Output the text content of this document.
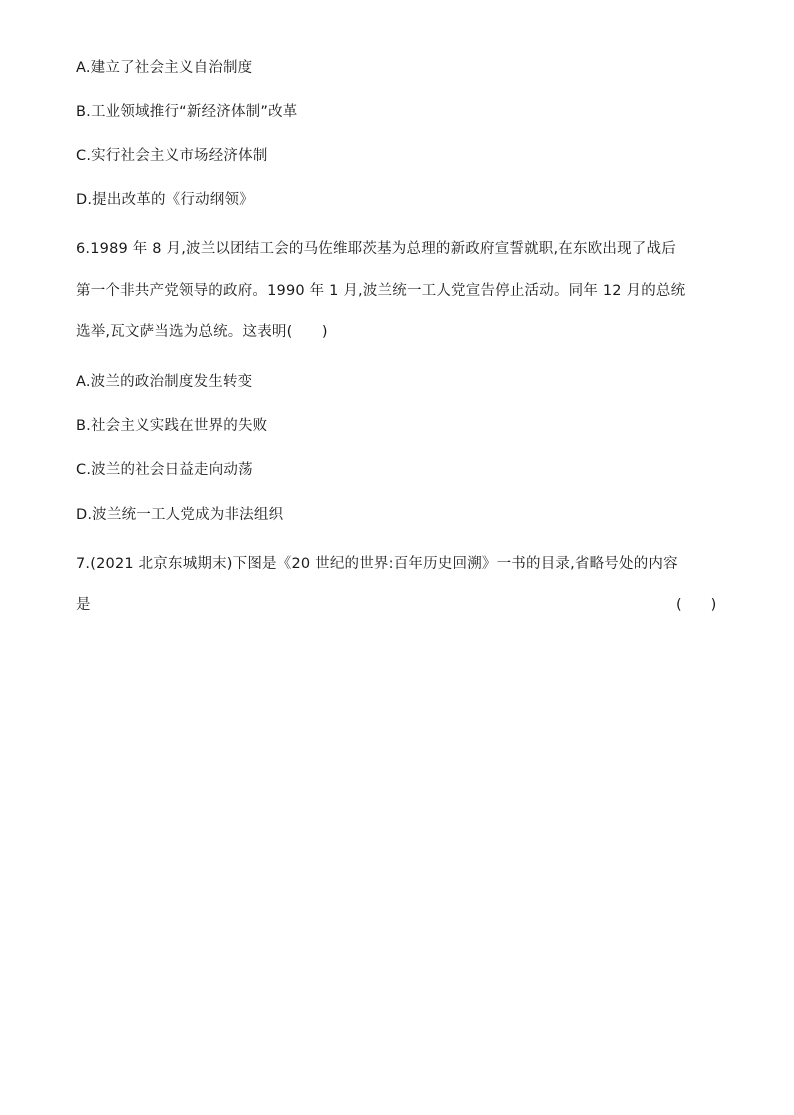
A.建立了社会主义自治制度
B.工业领域推行“新经济体制”改革
C.实行社会主义市场经济体制
D.提出改革的《行动纲领》
6.1989 年 8 月,波兰以团结工会的马佐维耶茨基为总理的新政府宣誓就职,在东欧出现了战后
第一个非共产党领导的政府。1990 年 1 月,波兰统一工人党宣告停止活动。同年 12 月的总统
选举,瓦文萨当选为总统。这表明(　　)
A.波兰的政治制度发生转变
B.社会主义实践在世界的失败
C.波兰的社会日益走向动荡
D.波兰统一工人党成为非法组织
7.(2021 北京东城期末)下图是《20 世纪的世界:百年历史回溯》一书的目录,省略号处的内容
是	(　　)
